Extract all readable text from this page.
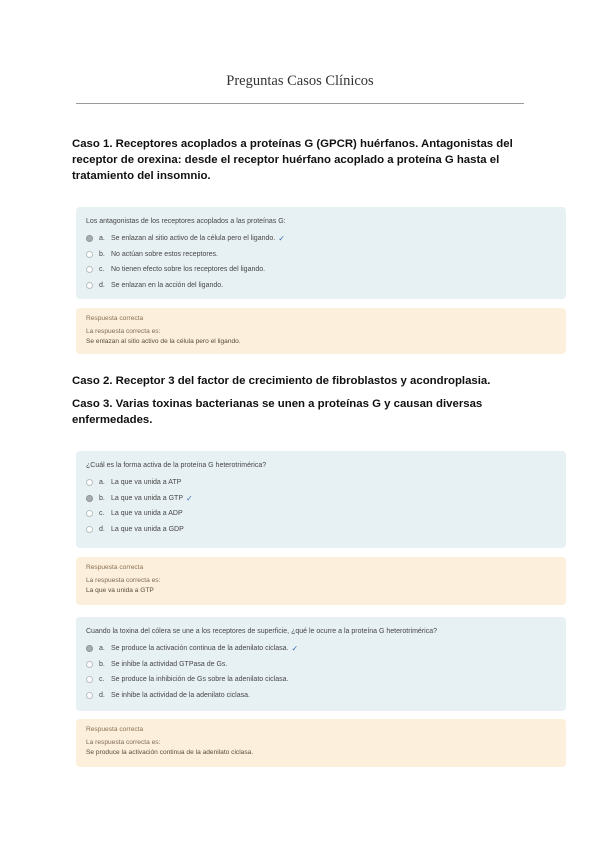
Preguntas Casos Clínicos
Caso 1. Receptores acoplados a proteínas G (GPCR) huérfanos. Antagonistas del receptor de orexina: desde el receptor huérfano acoplado a proteína G hasta el tratamiento del insomnio.
Los antagonistas de los receptores acoplados a las proteínas G:
a. Se enlazan al sitio activo de la célula pero el ligando. ✓
b. No actúan sobre estos receptores.
c. No tienen efecto sobre los receptores del ligando.
d. Se enlazan en la acción del ligando.
Respuesta correcta
La respuesta correcta es:
Se enlazan al sitio activo de la célula pero el ligando.
Caso 2. Receptor 3 del factor de crecimiento de fibroblastos y acondroplasia.
Caso 3. Varias toxinas bacterianas se unen a proteínas G y causan diversas enfermedades.
¿Cuál es la forma activa de la proteína G heterotrimérica?
a. La que va unida a ATP
b. La que va unida a GTP ✓
c. La que va unida a ADP
d. La que va unida a GDP
Respuesta correcta
La respuesta correcta es:
La que va unida a GTP
Cuando la toxina del cólera se une a los receptores de superficie, ¿qué le ocurre a la proteína G heterotrimérica?
a. Se produce la activación continua de la adenilato ciclasa. ✓
b. Se inhibe la actividad GTPasa de Gs.
c. Se produce la inhibición de Gs sobre la adenilato ciclasa.
d. Se inhibe la actividad de la adenilato ciclasa.
Respuesta correcta
La respuesta correcta es:
Se produce la activación continua de la adenilato ciclasa.
